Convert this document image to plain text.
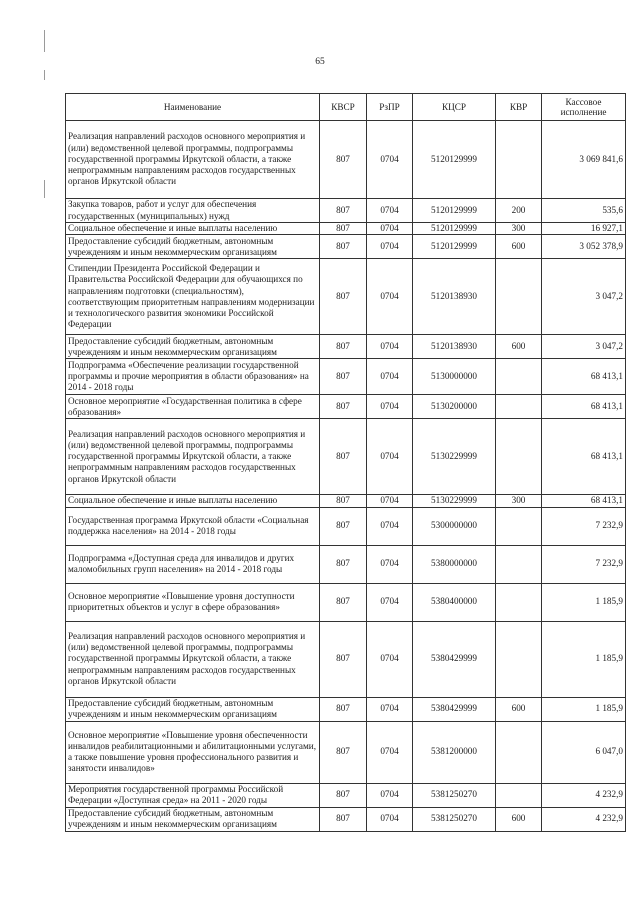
65
Наименование	КВСР	РзПР	КЦСР	КВР	Кассовое исполнение
Реализация направлений расходов основного мероприятия и (или) ведомственной целевой программы, подпрограммы государственной программы Иркутской области, а также непрограммным направлениям расходов государственных органов Иркутской области	807	0704	5120129999		3 069 841,6
Закупка товаров, работ и услуг для обеспечения государственных (муниципальных) нужд	807	0704	5120129999	200	535,6
Социальное обеспечение и иные выплаты населению	807	0704	5120129999	300	16 927,1
Предоставление субсидий бюджетным, автономным учреждениям и иным некоммерческим организациям	807	0704	5120129999	600	3 052 378,9
Стипендии Президента Российской Федерации и Правительства Российской Федерации для обучающихся по направлениям подготовки (специальностям), соответствующим приоритетным направлениям модернизации и технологического развития экономики Российской Федерации	807	0704	5120138930		3 047,2
Предоставление субсидий бюджетным, автономным учреждениям и иным некоммерческим организациям	807	0704	5120138930	600	3 047,2
Подпрограмма «Обеспечение реализации государственной программы и прочие мероприятия в области образования» на 2014 - 2018 годы	807	0704	5130000000		68 413,1
Основное мероприятие «Государственная политика в сфере образования»	807	0704	5130200000		68 413,1
Реализация направлений расходов основного мероприятия и (или) ведомственной целевой программы, подпрограммы государственной программы Иркутской области, а также непрограммным направлениям расходов государственных органов Иркутской области	807	0704	5130229999		68 413,1
Социальное обеспечение и иные выплаты населению	807	0704	5130229999	300	68 413,1
Государственная программа Иркутской области «Социальная поддержка населения» на 2014 - 2018 годы	807	0704	5300000000		7 232,9
Подпрограмма «Доступная среда для инвалидов и других маломобильных групп населения» на 2014 - 2018 годы	807	0704	5380000000		7 232,9
Основное мероприятие «Повышение уровня доступности приоритетных объектов и услуг в сфере образования»	807	0704	5380400000		1 185,9
Реализация направлений расходов основного мероприятия и (или) ведомственной целевой программы, подпрограммы государственной программы Иркутской области, а также непрограммным направлениям расходов государственных органов Иркутской области	807	0704	5380429999		1 185,9
Предоставление субсидий бюджетным, автономным учреждениям и иным некоммерческим организациям	807	0704	5380429999	600	1 185,9
Основное мероприятие «Повышение уровня обеспеченности инвалидов реабилитационными и абилитационными услугами, а также повышение уровня профессионального развития и занятости инвалидов»	807	0704	5381200000		6 047,0
Мероприятия государственной программы Российской Федерации «Доступная среда» на 2011 - 2020 годы	807	0704	5381250270		4 232,9
Предоставление субсидий бюджетным, автономным учреждениям и иным некоммерческим организациям	807	0704	5381250270	600	4 232,9
